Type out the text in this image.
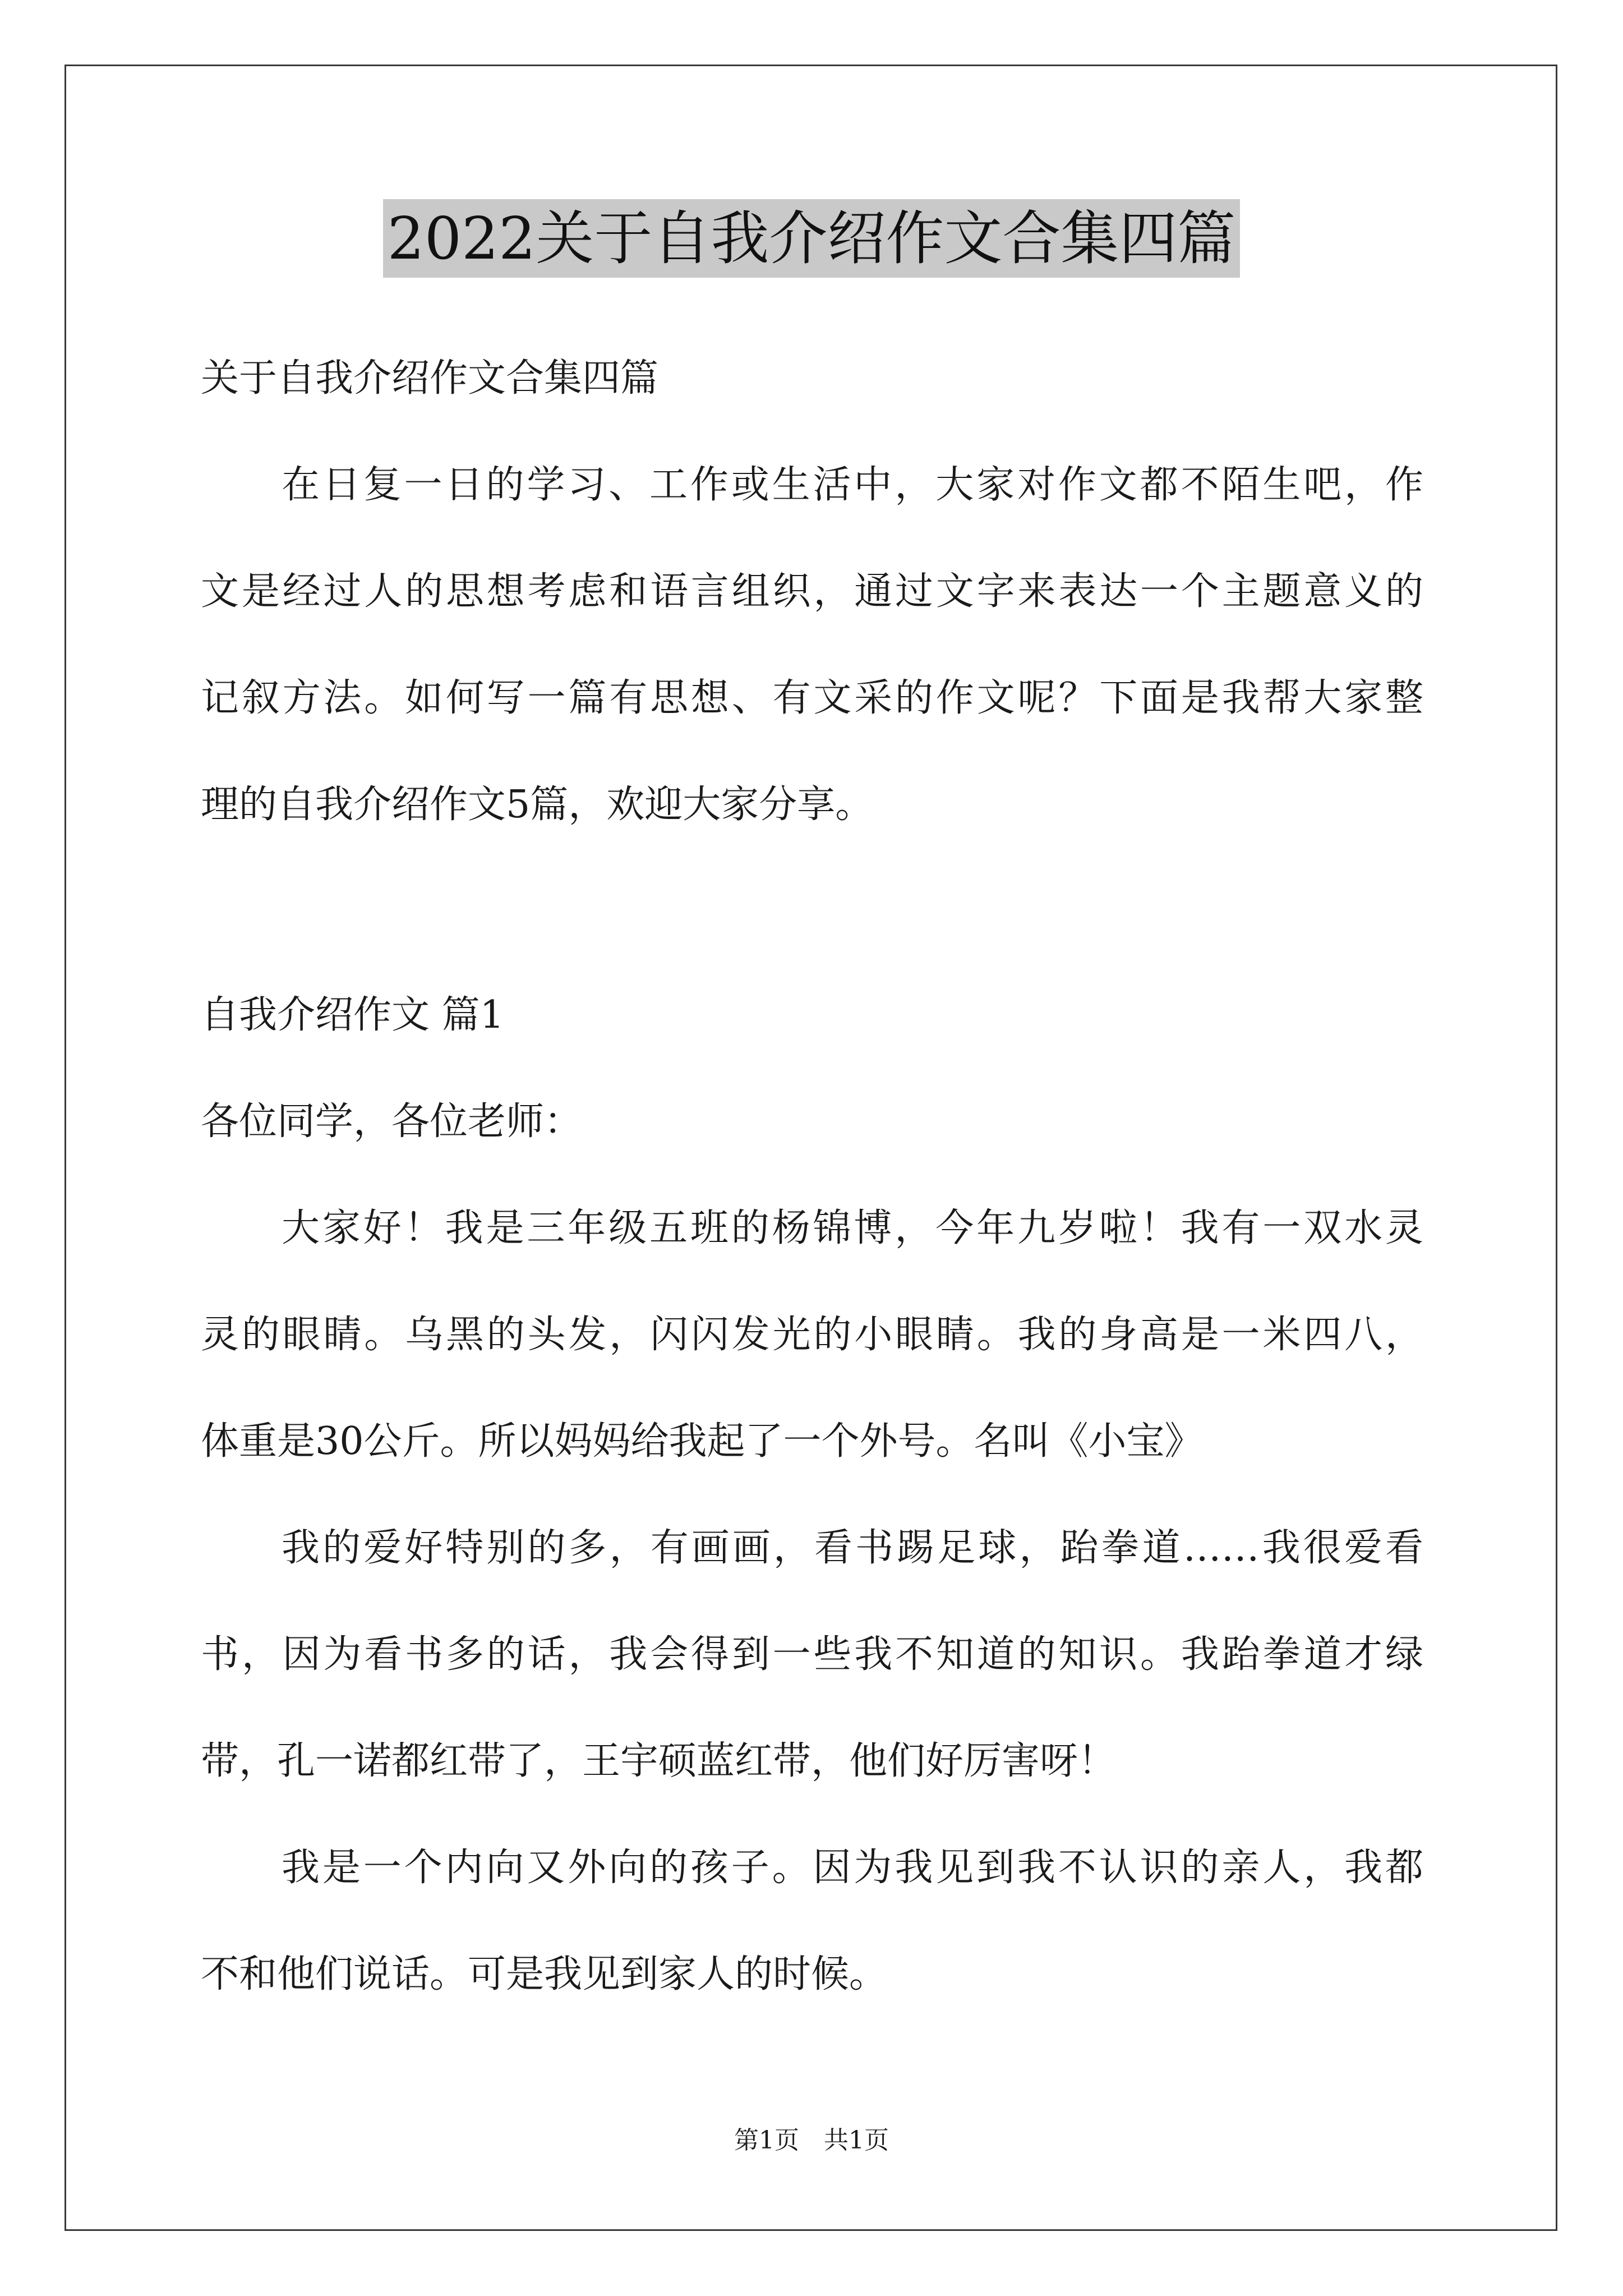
2022关于自我介绍作文合集四篇
关于自我介绍作文合集四篇
在日复一日的学习、工作或生活中，大家对作文都不陌生吧，作
文是经过人的思想考虑和语言组织，通过文字来表达一个主题意义的
记叙方法。如何写一篇有思想、有文采的作文呢？下面是我帮大家整
理的自我介绍作文5篇，欢迎大家分享。
自我介绍作文 篇1
各位同学，各位老师：
大家好！我是三年级五班的杨锦博，今年九岁啦！我有一双水灵
灵的眼睛。乌黑的头发，闪闪发光的小眼睛。我的身高是一米四八，
体重是30公斤。所以妈妈给我起了一个外号。名叫《小宝》
我的爱好特别的多，有画画，看书踢足球，跆拳道……我很爱看
书，因为看书多的话，我会得到一些我不知道的知识。我跆拳道才绿
带，孔一诺都红带了，王宇硕蓝红带，他们好厉害呀！
我是一个内向又外向的孩子。因为我见到我不认识的亲人，我都
不和他们说话。可是我见到家人的时候。
第1页　共1页
